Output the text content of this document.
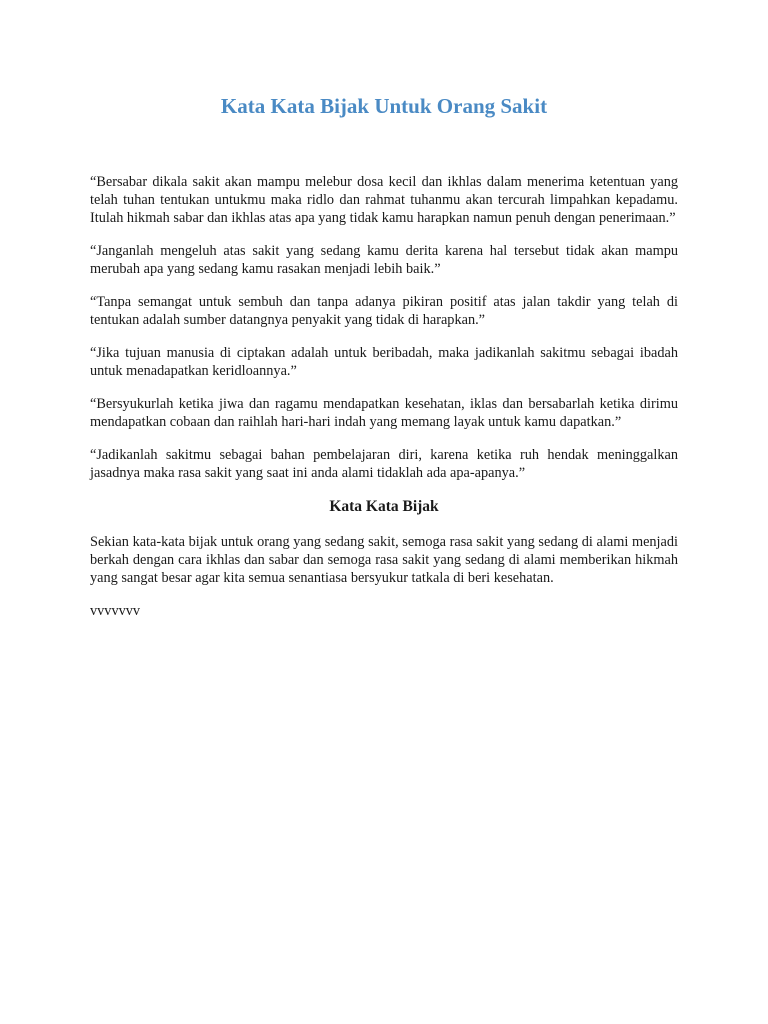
Kata Kata Bijak Untuk Orang Sakit

“Bersabar dikala sakit akan mampu melebur dosa kecil dan ikhlas dalam menerima ketentuan yang telah tuhan tentukan untukmu maka ridlo dan rahmat tuhanmu akan tercurah limpahkan kepadamu. Itulah hikmah sabar dan ikhlas atas apa yang tidak kamu harapkan namun penuh dengan penerimaan.”

“Janganlah mengeluh atas sakit yang sedang kamu derita karena hal tersebut tidak akan mampu merubah apa yang sedang kamu rasakan menjadi lebih baik.”

“Tanpa semangat untuk sembuh dan tanpa adanya pikiran positif atas jalan takdir yang telah di tentukan adalah sumber datangnya penyakit yang tidak di harapkan.”

“Jika tujuan manusia di ciptakan adalah untuk beribadah, maka jadikanlah sakitmu sebagai ibadah untuk menadapatkan keridloannya.”

“Bersyukurlah ketika jiwa dan ragamu mendapatkan kesehatan, iklas dan bersabarlah ketika dirimu mendapatkan cobaan dan raihlah hari-hari indah yang memang layak untuk kamu dapatkan.”

“Jadikanlah sakitmu sebagai bahan pembelajaran diri, karena ketika ruh hendak meninggalkan jasadnya maka rasa sakit yang saat ini anda alami tidaklah ada apa-apanya.”

Kata Kata Bijak

Sekian kata-kata bijak untuk orang yang sedang sakit, semoga rasa sakit yang sedang di alami menjadi berkah dengan cara ikhlas dan sabar dan semoga rasa sakit yang sedang di alami memberikan hikmah yang sangat besar agar kita semua senantiasa bersyukur tatkala di beri kesehatan.

vvvvvvv
